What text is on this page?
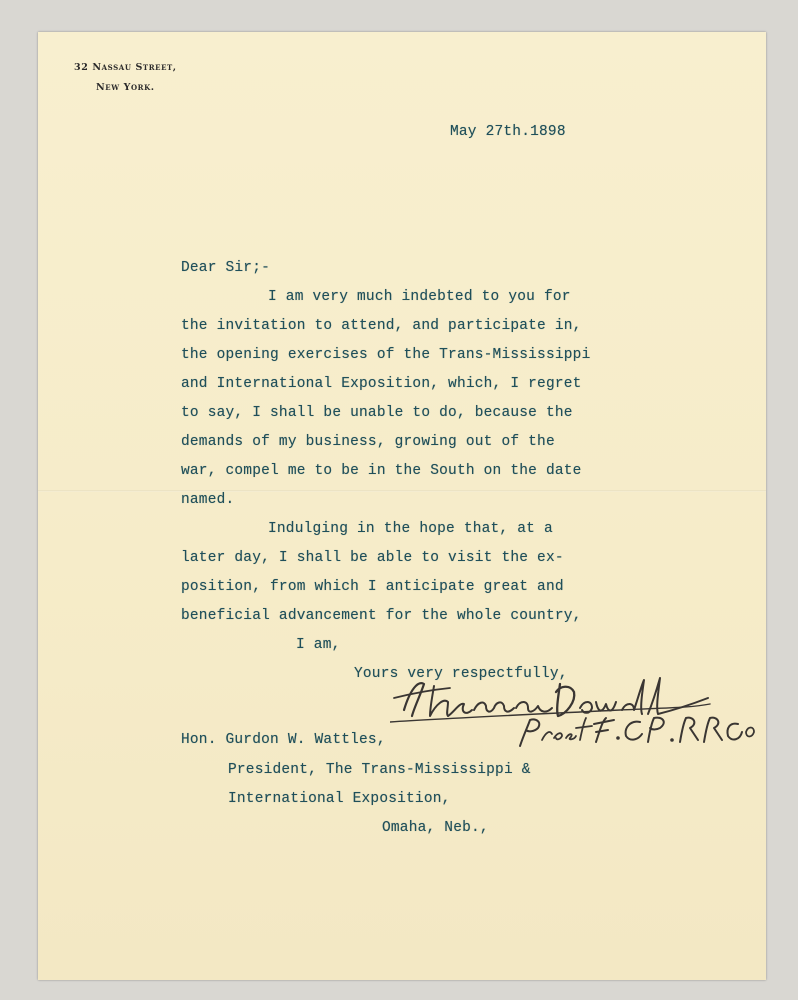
32 Nassau Street,
New York.
May 27th.1898
Dear Sir;-
I am very much indebted to you for
the invitation to attend, and participate in,
the opening exercises of the Trans-Mississippi
and International Exposition, which, I regret
to say, I shall be unable to do, because the
demands of my business, growing out of the
war, compel me to be in the South on the date
named.
Indulging in the hope that, at a
later day, I shall be able to visit the ex-
position, from which I anticipate great and
beneficial advancement for the whole country,
I am,
Yours very respectfully,
Hon. Gurdon W. Wattles,
President, The Trans-Mississippi &
International Exposition,
Omaha, Neb.,
